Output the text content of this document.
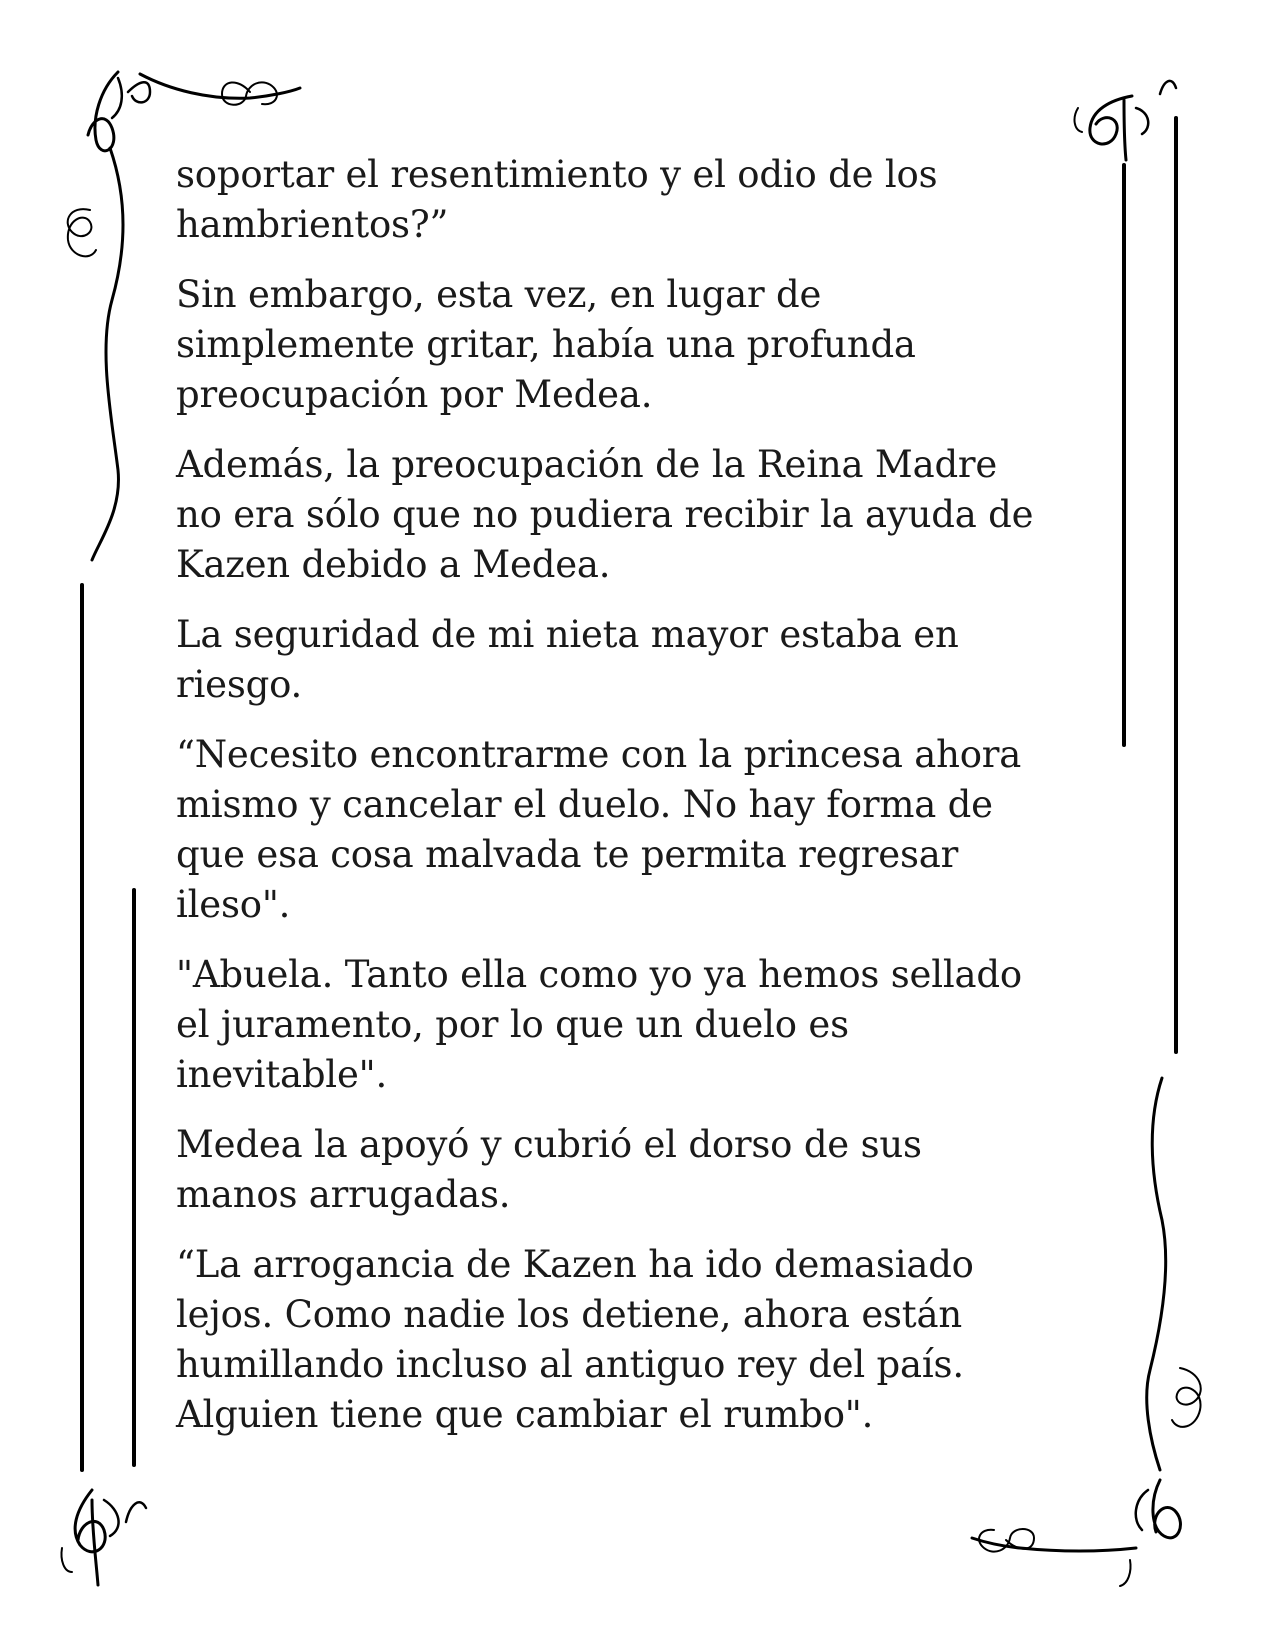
soportar el resentimiento y el odio de los
hambrientos?”
Sin embargo, esta vez, en lugar de
simplemente gritar, había una profunda
preocupación por Medea.
Además, la preocupación de la Reina Madre
no era sólo que no pudiera recibir la ayuda de
Kazen debido a Medea.
La seguridad de mi nieta mayor estaba en
riesgo.
“Necesito encontrarme con la princesa ahora
mismo y cancelar el duelo. No hay forma de
que esa cosa malvada te permita regresar
ileso".
"Abuela. Tanto ella como yo ya hemos sellado
el juramento, por lo que un duelo es
inevitable".
Medea la apoyó y cubrió el dorso de sus
manos arrugadas.
“La arrogancia de Kazen ha ido demasiado
lejos. Como nadie los detiene, ahora están
humillando incluso al antiguo rey del país.
Alguien tiene que cambiar el rumbo".
